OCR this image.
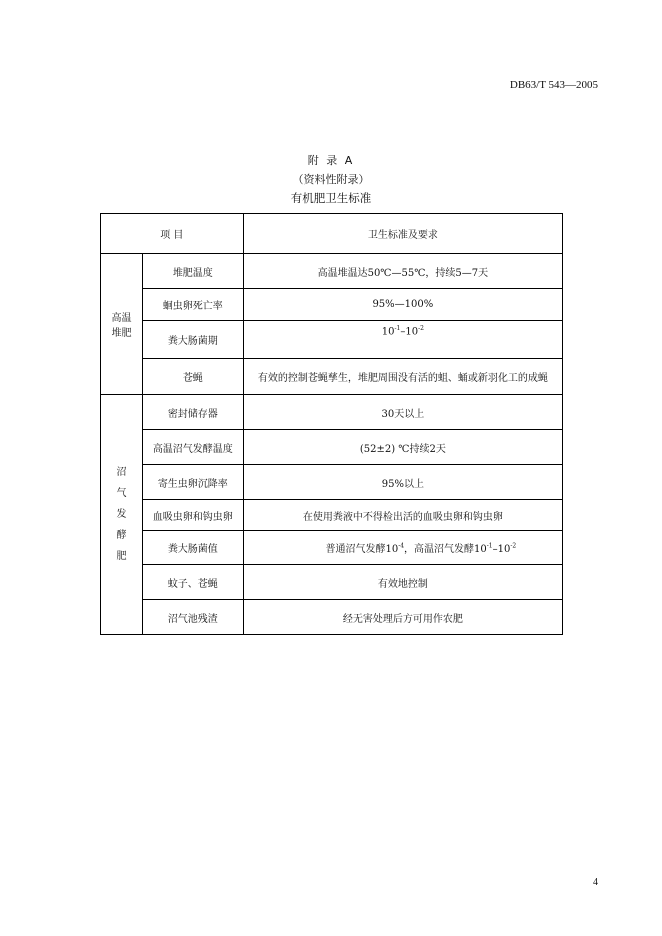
DB63/T 543—2005
附 录 A
（资料性附录）
有机肥卫生标准
项 目		卫生标准及要求

高温
堆肥	堆肥温度	高温堆温达50℃—55℃，持续5—7天
	蛔虫卵死亡率	95%—100%
	粪大肠菌期	$10^{-1}-10^{-2}$
	苍蝇	有效的控制苍蝇孳生，堆肥周围没有活的蛆、蛹或新羽化工的成蝇

沼
气
发
酵
肥	密封储存器	30天以上
	高温沼气发酵温度	(52±2) ℃持续2天
	寄生虫卵沉降率	95%以上
	血吸虫卵和钩虫卵	在使用粪液中不得检出活的血吸虫卵和钩虫卵
	粪大肠菌值	普通沼气发酵$10^{-4}$，高温沼气发酵$10^{-1}-10^{-2}$
	蚊子、苍蝇	有效地控制
	沼气池残渣	经无害处理后方可用作农肥
4
